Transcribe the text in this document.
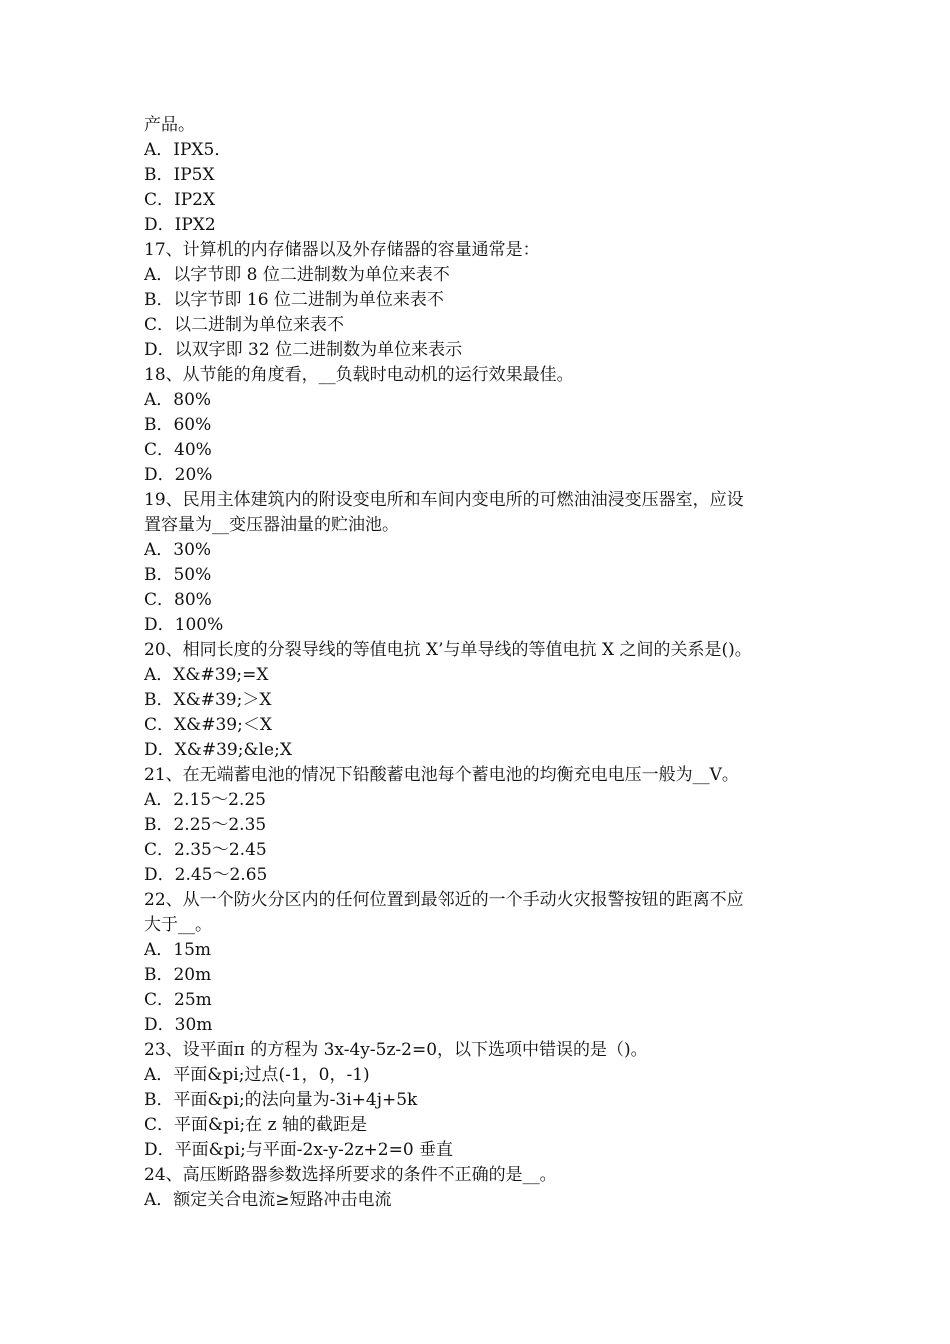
产品。
A．IPX5．
B．IP5X
C．IP2X
D．IPX2
17、计算机的内存储器以及外存储器的容量通常是：
A．以字节即 8 位二进制数为单位来表不
B．以字节即 16 位二进制为单位来表不
C．以二进制为单位来表不
D．以双字即 32 位二进制数为单位来表示
18、从节能的角度看，__负载时电动机的运行效果最佳。
A．80%
B．60%
C．40%
D．20%
19、民用主体建筑内的附设变电所和车间内变电所的可燃油油浸变压器室，应设
置容量为__变压器油量的贮油池。
A．30%
B．50%
C．80%
D．100%
20、相同长度的分裂导线的等值电抗 X’与单导线的等值电抗 X 之间的关系是()。
A．X&#39;=X
B．X&#39;＞X
C．X&#39;＜X
D．X&#39;&le;X
21、在无端蓄电池的情况下铅酸蓄电池每个蓄电池的均衡充电电压一般为__V。
A．2.15～2.25
B．2.25～2.35
C．2.35～2.45
D．2.45～2.65
22、从一个防火分区内的任何位置到最邻近的一个手动火灾报警按钮的距离不应
大于__。
A．15m
B．20m
C．25m
D．30m
23、设平面π 的方程为 3x-4y-5z-2=0，以下选项中错误的是（)。
A．平面&pi;过点(-1，0，-1)
B．平面&pi;的法向量为-3i+4j+5k
C．平面&pi;在 z 轴的截距是
D．平面&pi;与平面-2x-y-2z+2=0 垂直
24、高压断路器参数选择所要求的条件不正确的是__。
A．额定关合电流≥短路冲击电流
